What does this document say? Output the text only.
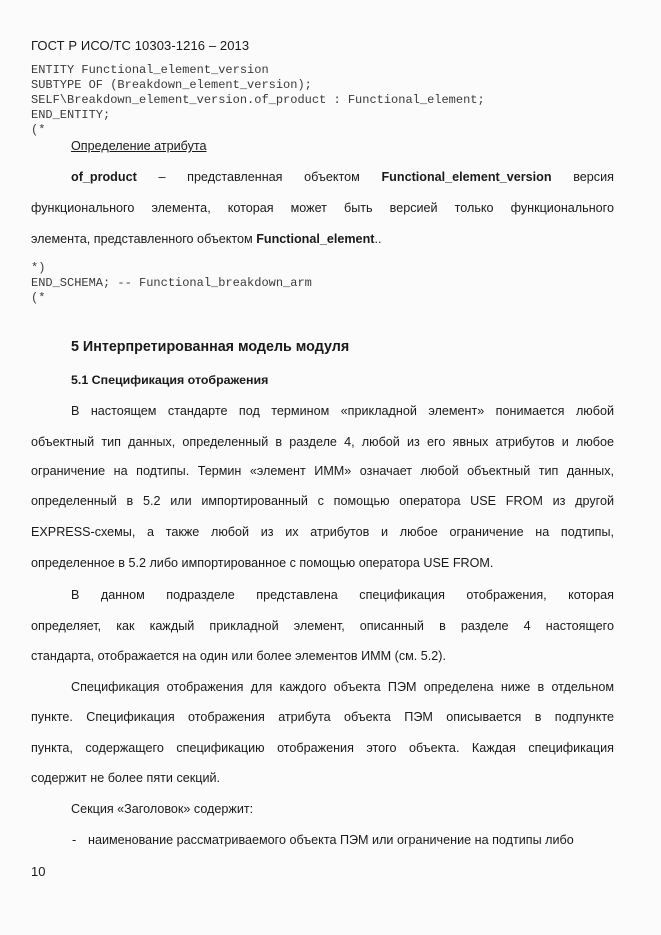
ГОСТ Р ИСО/ТС 10303-1216 – 2013
ENTITY Functional_element_version
SUBTYPE OF (Breakdown_element_version);
SELF\Breakdown_element_version.of_product : Functional_element;
END_ENTITY;
(*
Определение атрибута
of_product – представленная объектом Functional_element_version версия
функционального элемента, которая может быть версией только функционального
элемента, представленного объектом Functional_element..
*)
END_SCHEMA; -- Functional_breakdown_arm
(*
5 Интерпретированная модель модуля
5.1 Спецификация отображения
В настоящем стандарте под термином «прикладной элемент» понимается любой
объектный тип данных, определенный в разделе 4, любой из его явных атрибутов и любое
ограничение на подтипы. Термин «элемент ИММ» означает любой объектный тип данных,
определенный в 5.2 или импортированный с помощью оператора USE FROM из другой
EXPRESS-схемы, а также любой из их атрибутов и любое ограничение на подтипы,
определенное в 5.2 либо импортированное с помощью оператора USE FROM.
В данном подразделе представлена спецификация отображения, которая
определяет, как каждый прикладной элемент, описанный в разделе 4 настоящего
стандарта, отображается на один или более элементов ИММ (см. 5.2).
Спецификация отображения для каждого объекта ПЭМ определена ниже в отдельном
пункте. Спецификация отображения атрибута объекта ПЭМ описывается в подпункте
пункта, содержащего спецификацию отображения этого объекта. Каждая спецификация
содержит не более пяти секций.
Секция «Заголовок» содержит:
- наименование рассматриваемого объекта ПЭМ или ограничение на подтипы либо
10
